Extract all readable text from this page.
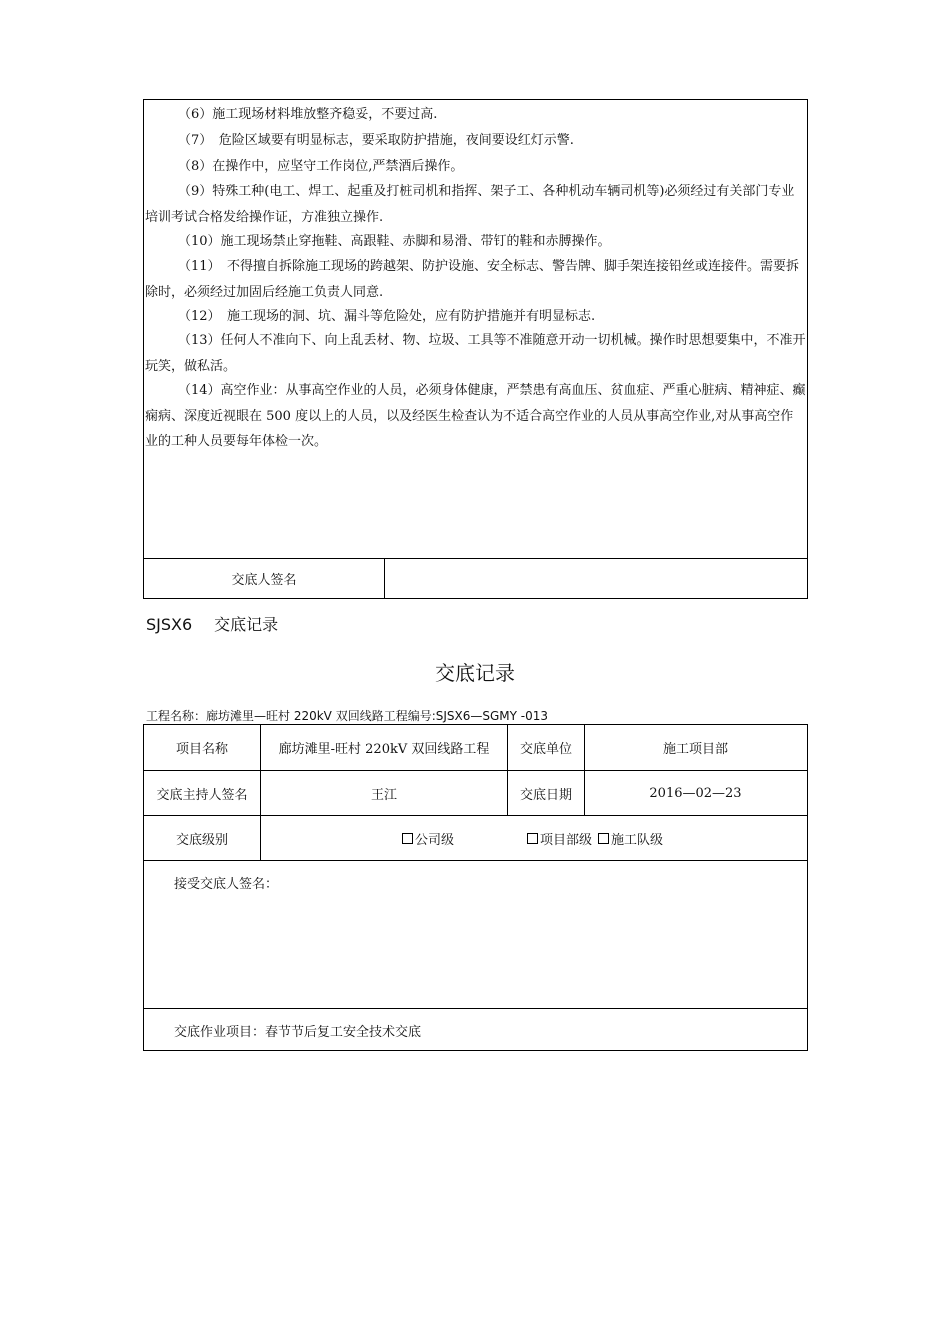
（6）施工现场材料堆放整齐稳妥，不要过高.
（7）　危险区域要有明显标志，要采取防护措施，夜间要设红灯示警.
（8）在操作中，应坚守工作岗位,严禁酒后操作。
（9）特殊工种(电工、焊工、起重及打桩司机和指挥、架子工、各种机动车辆司机等)必须经过有关部门专业培训考试合格发给操作证，方准独立操作.
（10）施工现场禁止穿拖鞋、高跟鞋、赤脚和易滑、带钉的鞋和赤膊操作。
（11）　不得擅自拆除施工现场的跨越架、防护设施、安全标志、警告牌、脚手架连接铅丝或连接件。需要拆除时，必须经过加固后经施工负责人同意.
（12）　施工现场的洞、坑、漏斗等危险处，应有防护措施并有明显标志.
（13）任何人不准向下、向上乱丢材、物、垃圾、工具等不准随意开动一切机械。操作时思想要集中，不准开玩笑，做私活。
（14）高空作业：从事高空作业的人员，必须身体健康，严禁患有高血压、贫血症、严重心脏病、精神症、癫痫病、深度近视眼在 500 度以上的人员，以及经医生检查认为不适合高空作业的人员从事高空作业,对从事高空作业的工种人员要每年体检一次。
交底人签名
SJSX6 交底记录
交底记录
工程名称：廊坊滩里—旺村 220kV 双回线路工程编号:SJSX6—SGMY -013
项目名称	廊坊滩里-旺村 220kV 双回线路工程	交底单位	施工项目部
交底主持人签名	王江	交底日期	2016—02—23
交底级别	公司级	项目部级 施工队级
接受交底人签名：
交底作业项目：春节节后复工安全技术交底
